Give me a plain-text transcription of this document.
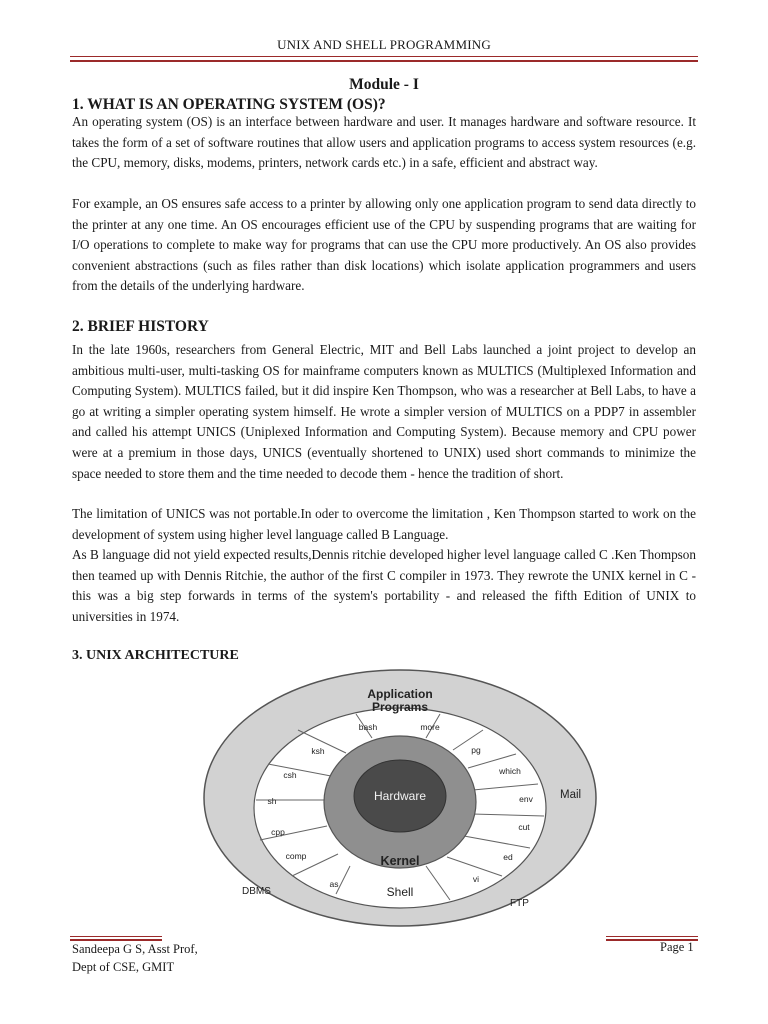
UNIX AND SHELL PROGRAMMING
Module - I
1. WHAT IS AN OPERATING SYSTEM (OS)?
An operating system (OS) is an interface between hardware and user. It manages hardware and software resource. It takes the form of a set of software routines that allow users and application programs to access system resources (e.g. the CPU, memory, disks, modems, printers, network cards etc.) in a safe, efficient and abstract way.
For example, an OS ensures safe access to a printer by allowing only one application program to send data directly to the printer at any one time. An OS encourages efficient use of the CPU by suspending programs that are waiting for I/O operations to complete to make way for programs that can use the CPU more productively. An OS also provides convenient abstractions (such as files rather than disk locations) which isolate application programmers and users from the details of the underlying hardware.
2. BRIEF HISTORY
In the late 1960s, researchers from General Electric, MIT and Bell Labs launched a joint project to develop an ambitious multi-user, multi-tasking OS for mainframe computers known as MULTICS (Multiplexed Information and Computing System). MULTICS failed, but it did inspire Ken Thompson, who was a researcher at Bell Labs, to have a go at writing a simpler operating system himself. He wrote a simpler version of MULTICS on a PDP7 in assembler and called his attempt UNICS (Uniplexed Information and Computing System). Because memory and CPU power were at a premium in those days, UNICS (eventually shortened to UNIX) used short commands to minimize the space needed to store them and the time needed to decode them - hence the tradition of short.
The limitation of UNICS was not portable.In oder to overcome the limitation , Ken Thompson started to work on the development of system using higher level language called B Language.
As B language did not yield expected results,Dennis ritchie developed higher level language called C .Ken Thompson then teamed up with Dennis Ritchie, the author of the first C compiler in 1973. They rewrote the UNIX kernel in C - this was a big step forwards in terms of the system's portability - and released the fifth Edition of UNIX to universities in 1974.
3. UNIX ARCHITECTURE
Hardware
Kernel
Shell
Application
Programs
Mail
FTP
DBMS
bash	more
pg
which
env
cut
ed
vi
as
comp
cpp
sh
csh
ksh
Sandeepa G S, Asst Prof,
Dept of CSE, GMIT
Page 1
